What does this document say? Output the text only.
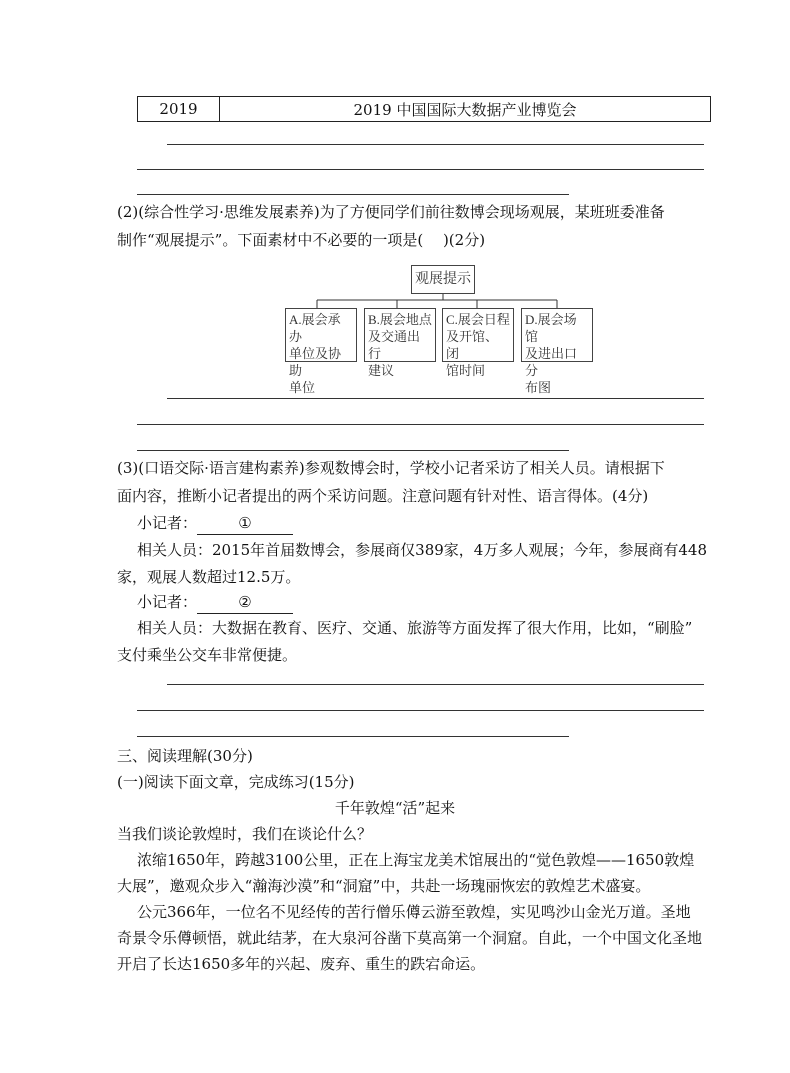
2019	2019 中国国际大数据产业博览会
(2)(综合性学习·思维发展素养)为了方便同学们前往数博会现场观展，某班班委准备
制作“观展提示”。下面素材中不必要的一项是(　 )(2分)
观展提示
A.展会承办
单位及协助
单位
B.展会地点
及交通出行
建议
C.展会日程
及开馆、闭
馆时间
D.展会场馆
及进出口分
布图
(3)(口语交际·语言建构素养)参观数博会时，学校小记者采访了相关人员。请根据下
面内容，推断小记者提出的两个采访问题。注意问题有针对性、语言得体。(4分)
小记者：	①
相关人员：2015年首届数博会，参展商仅389家，4万多人观展；今年，参展商有448
家，观展人数超过12.5万。
小记者：	②
相关人员：大数据在教育、医疗、交通、旅游等方面发挥了很大作用，比如，“刷脸”
支付乘坐公交车非常便捷。
三、阅读理解(30分)
(一)阅读下面文章，完成练习(15分)
千年敦煌“活”起来
当我们谈论敦煌时，我们在谈论什么？
浓缩1650年，跨越3100公里，正在上海宝龙美术馆展出的“觉色敦煌——1650敦煌
大展”，邀观众步入“瀚海沙漠”和“洞窟”中，共赴一场瑰丽恢宏的敦煌艺术盛宴。
公元366年，一位名不见经传的苦行僧乐僔云游至敦煌，实见鸣沙山金光万道。圣地
奇景令乐僔顿悟，就此结茅，在大泉河谷凿下莫高第一个洞窟。自此，一个中国文化圣地
开启了长达1650多年的兴起、废弃、重生的跌宕命运。
